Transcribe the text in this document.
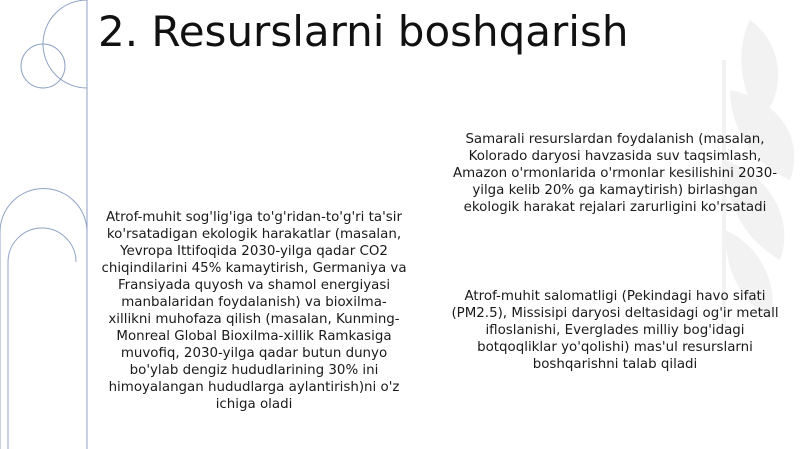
2. Resurslarni boshqarish
Atrof-muhit sog'lig'iga to'g'ridan-to'g'ri ta'sir ko'rsatadigan ekologik harakatlar (masalan, Yevropa Ittifoqida 2030-yilga qadar CO2 chiqindilarini 45% kamaytirish, Germaniya va Fransiyada quyosh va shamol energiyasi manbalaridan foydalanish) va bioxilma-xillikni muhofaza qilish (masalan, Kunming-Monreal Global Bioxilma-xillik Ramkasiga muvofiq, 2030-yilga qadar butun dunyo bo'ylab dengiz hududlarining 30% ini himoyalangan hududlarga aylantirish)ni o'z ichiga oladi
Samarali resurslardan foydalanish (masalan, Kolorado daryosi havzasida suv taqsimlash, Amazon o'rmonlarida o'rmonlar kesilishini 2030-yilga kelib 20% ga kamaytirish) birlashgan ekologik harakat rejalari zarurligini ko'rsatadi
Atrof-muhit salomatligi (Pekindagi havo sifati (PM2.5), Missisipi daryosi deltasidagi og'ir metall ifloslanishi, Everglades milliy bog'idagi botqoqliklar yo'qolishi) mas'ul resurslarni boshqarishni talab qiladi
